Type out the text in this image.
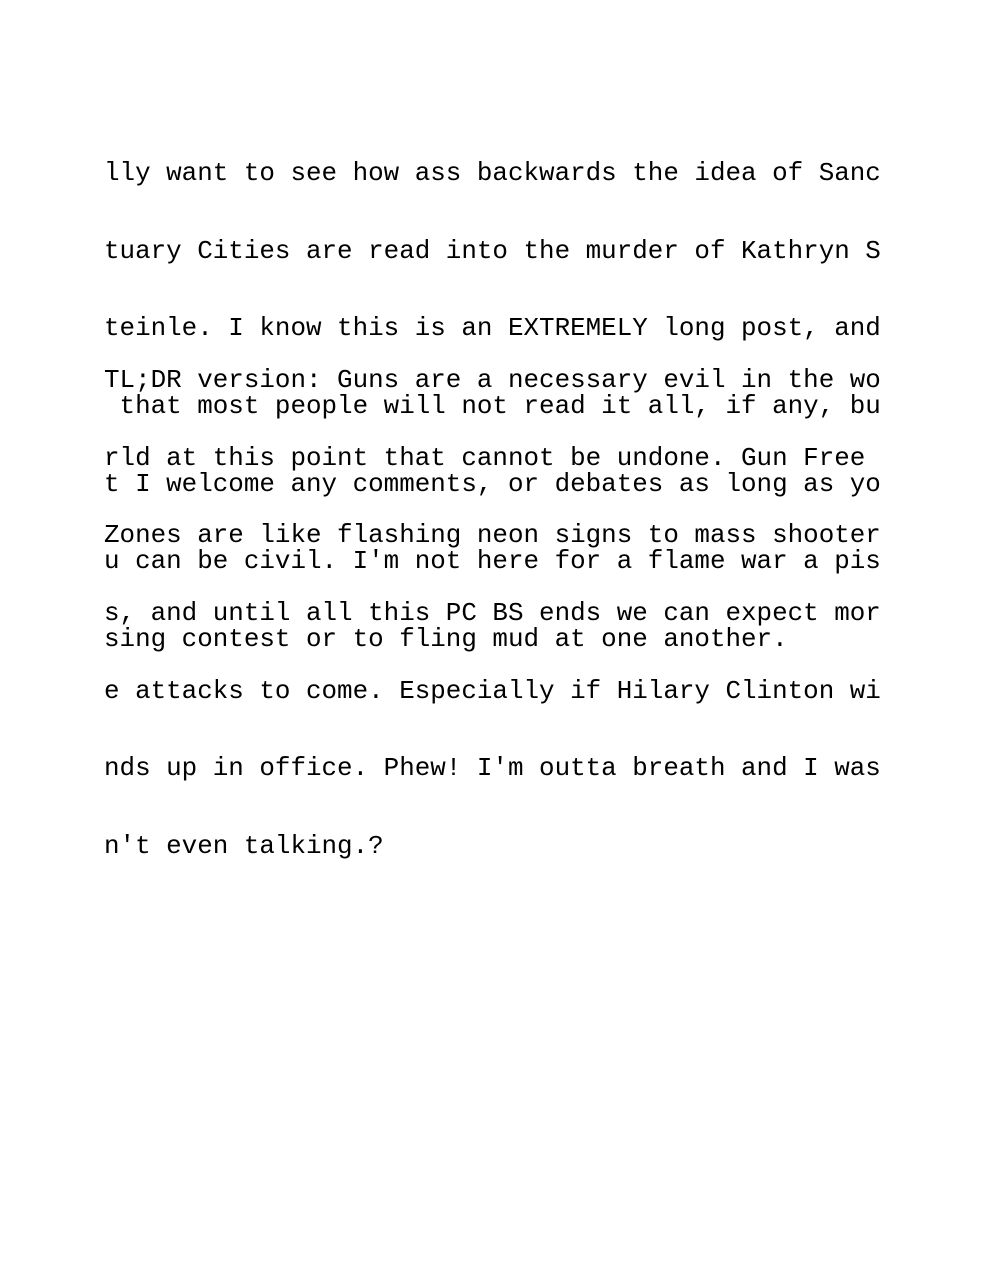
lly want to see how ass backwards the idea of Sanc

tuary Cities are read into the murder of Kathryn S

teinle. I know this is an EXTREMELY long post, and

that most people will not read it all, if any, bu

t I welcome any comments, or debates as long as yo

u can be civil. I'm not here for a flame war a pis

sing contest or to fling mud at one another.

TL;DR version: Guns are a necessary evil in the wo

rld at this point that cannot be undone. Gun Free

Zones are like flashing neon signs to mass shooter

s, and until all this PC BS ends we can expect mor

e attacks to come. Especially if Hilary Clinton wi

nds up in office. Phew! I'm outta breath and I was

n't even talking.?
